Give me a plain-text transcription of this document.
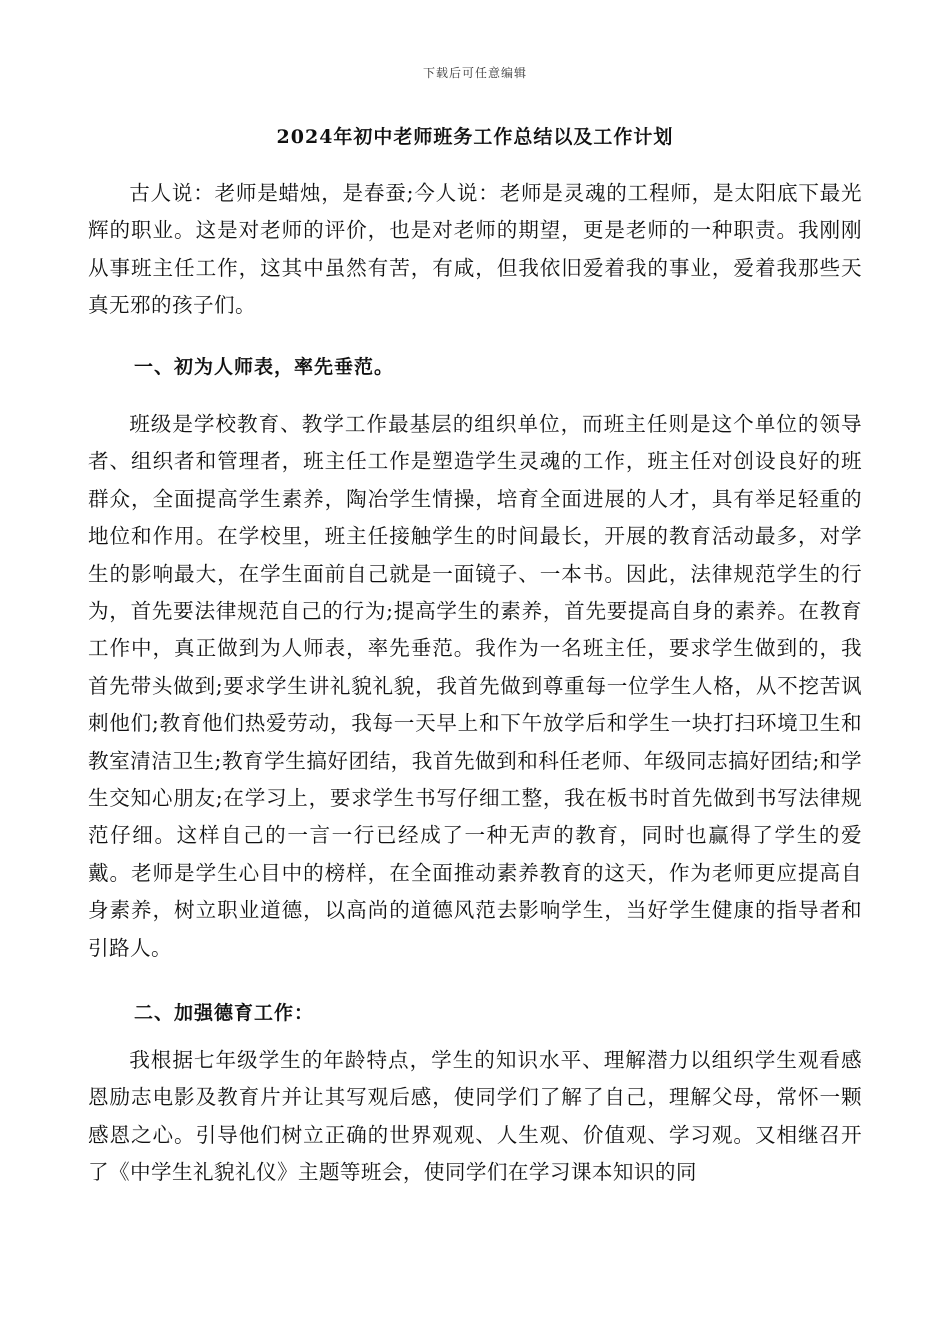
下载后可任意编辑
2024年初中老师班务工作总结以及工作计划

古人说：老师是蜡烛，是春蚕;今人说：老师是灵魂的工程师，是太阳底下最光辉的职业。这是对老师的评价，也是对老师的期望，更是老师的一种职责。我刚刚从事班主任工作，这其中虽然有苦，有咸，但我依旧爱着我的事业，爱着我那些天真无邪的孩子们。

一、初为人师表，率先垂范。

班级是学校教育、教学工作最基层的组织单位，而班主任则是这个单位的领导者、组织者和管理者，班主任工作是塑造学生灵魂的工作，班主任对创设良好的班群众，全面提高学生素养，陶冶学生情操，培育全面进展的人才，具有举足轻重的地位和作用。在学校里，班主任接触学生的时间最长，开展的教育活动最多，对学生的影响最大，在学生面前自己就是一面镜子、一本书。因此，法律规范学生的行为，首先要法律规范自己的行为;提高学生的素养，首先要提高自身的素养。在教育工作中，真正做到为人师表，率先垂范。我作为一名班主任，要求学生做到的，我首先带头做到;要求学生讲礼貌礼貌，我首先做到尊重每一位学生人格，从不挖苦讽刺他们;教育他们热爱劳动，我每一天早上和下午放学后和学生一块打扫环境卫生和教室清洁卫生;教育学生搞好团结，我首先做到和科任老师、年级同志搞好团结;和学生交知心朋友;在学习上，要求学生书写仔细工整，我在板书时首先做到书写法律规范仔细。这样自己的一言一行已经成了一种无声的教育，同时也赢得了学生的爱戴。老师是学生心目中的榜样，在全面推动素养教育的这天，作为老师更应提高自身素养，树立职业道德，以高尚的道德风范去影响学生，当好学生健康的指导者和引路人。

二、加强德育工作：

我根据七年级学生的年龄特点，学生的知识水平、理解潜力以组织学生观看感恩励志电影及教育片并让其写观后感，使同学们了解了自己，理解父母，常怀一颗感恩之心。引导他们树立正确的世界观观、人生观、价值观、学习观。又相继召开了《中学生礼貌礼仪》主题等班会，使同学们在学习课本知识的同
